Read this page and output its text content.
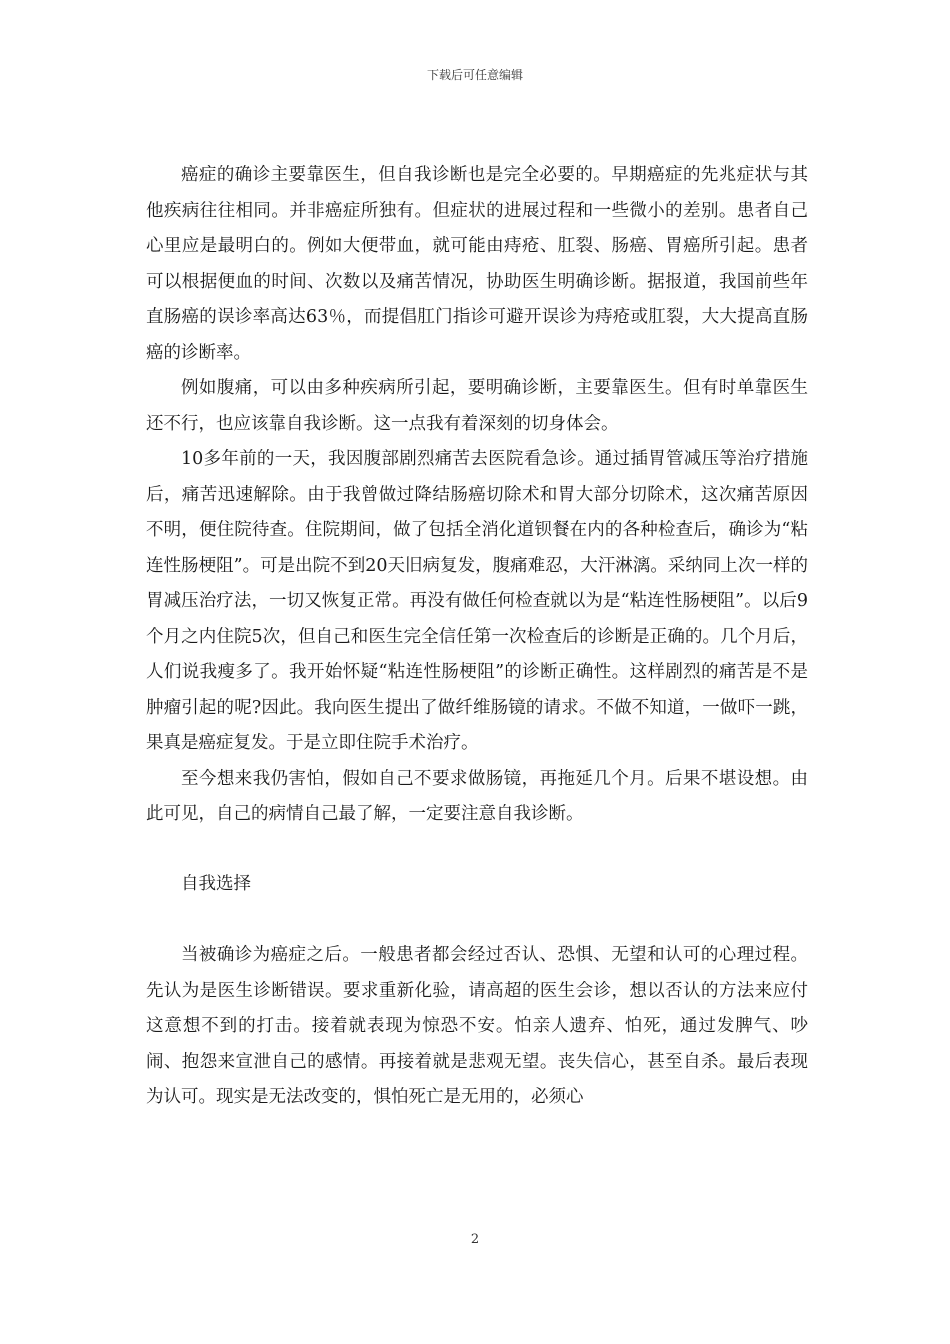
下载后可任意编辑

癌症的确诊主要靠医生，但自我诊断也是完全必要的。早期癌症的先兆症状与其他疾病往往相同。并非癌症所独有。但症状的进展过程和一些微小的差别。患者自己心里应是最明白的。例如大便带血，就可能由痔疮、肛裂、肠癌、胃癌所引起。患者可以根据便血的时间、次数以及痛苦情况，协助医生明确诊断。据报道，我国前些年直肠癌的误诊率高达63％，而提倡肛门指诊可避开误诊为痔疮或肛裂，大大提高直肠癌的诊断率。

例如腹痛，可以由多种疾病所引起，要明确诊断，主要靠医生。但有时单靠医生还不行，也应该靠自我诊断。这一点我有着深刻的切身体会。

10多年前的一天，我因腹部剧烈痛苦去医院看急诊。通过插胃管减压等治疗措施后，痛苦迅速解除。由于我曾做过降结肠癌切除术和胃大部分切除术，这次痛苦原因不明，便住院待查。住院期间，做了包括全消化道钡餐在内的各种检查后，确诊为“粘连性肠梗阻”。可是出院不到20天旧病复发，腹痛难忍，大汗淋漓。采纳同上次一样的胃减压治疗法，一切又恢复正常。再没有做任何检查就以为是“粘连性肠梗阻”。以后9个月之内住院5次，但自己和医生完全信任第一次检查后的诊断是正确的。几个月后，人们说我瘦多了。我开始怀疑“粘连性肠梗阻”的诊断正确性。这样剧烈的痛苦是不是肿瘤引起的呢?因此。我向医生提出了做纤维肠镜的请求。不做不知道，一做吓一跳，果真是癌症复发。于是立即住院手术治疗。

至今想来我仍害怕，假如自己不要求做肠镜，再拖延几个月。后果不堪设想。由此可见，自己的病情自己最了解，一定要注意自我诊断。

自我选择

当被确诊为癌症之后。一般患者都会经过否认、恐惧、无望和认可的心理过程。先认为是医生诊断错误。要求重新化验，请高超的医生会诊，想以否认的方法来应付这意想不到的打击。接着就表现为惊恐不安。怕亲人遗弃、怕死，通过发脾气、吵闹、抱怨来宣泄自己的感情。再接着就是悲观无望。丧失信心，甚至自杀。最后表现为认可。现实是无法改变的，惧怕死亡是无用的，必须心

2
